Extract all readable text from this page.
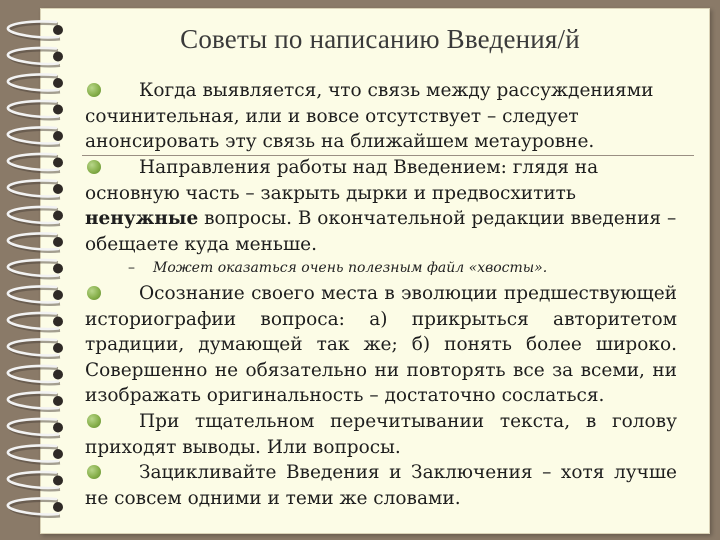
Советы по написанию Введения/й
Когда выявляется, что связь между рассуждениями сочинительная, или и вовсе отсутствует – следует анонсировать эту связь на ближайшем метауровне.
Направления работы над Введением: глядя на основную часть – закрыть дырки и предвосхитить ненужные вопросы. В окончательной редакции введения – обещаете куда меньше.
– Может оказаться очень полезным файл «хвосты».
Осознание своего места в эволюции предшествующей историографии вопроса: а) прикрыться авторитетом традиции, думающей так же; б) понять более широко. Совершенно не обязательно ни повторять все за всеми, ни изображать оригинальность – достаточно сослаться.
При тщательном перечитывании текста, в голову приходят выводы. Или вопросы.
Зацикливайте Введения и Заключения – хотя лучше не совсем одними и теми же словами.
